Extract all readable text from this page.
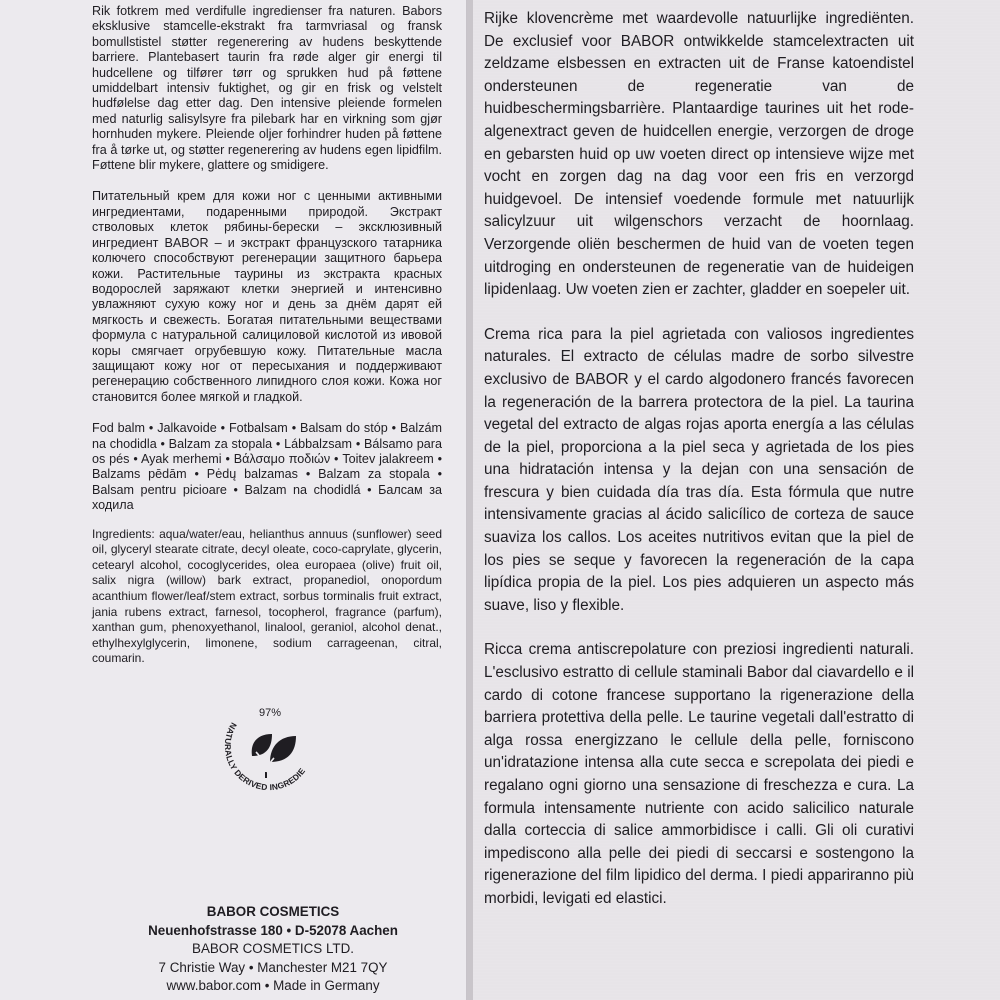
Rik fotkrem med verdifulle ingredienser fra naturen. Babors eksklusive stamcelle-ekstrakt fra tarmvriasal og fransk bomullstistel støtter regenerering av hudens beskyttende barriere. Plantebasert taurin fra røde alger gir energi til hudcellene og tilfører tørr og sprukken hud på føttene umiddelbart intensiv fuktighet, og gir en frisk og velstelt hudfølelse dag etter dag. Den intensive pleiende formelen med naturlig salisylsyre fra pilebark har en virkning som gjør hornhuden mykere. Pleiende oljer forhindrer huden på føttene fra å tørke ut, og støtter regenerering av hudens egen lipidfilm. Føttene blir mykere, glattere og smidigere.

Питательный крем для кожи ног с ценными активными ингредиентами, подаренными природой. Экстракт стволовых клеток рябины-берески – эксклюзивный ингредиент BABOR – и экстракт французского татарника колючего способствуют регенерации защитного барьера кожи. Растительные таурины из экстракта красных водорослей заряжают клетки энергией и интенсивно увлажняют сухую кожу ног и день за днём дарят ей мягкость и свежесть. Богатая питательными веществами формула с натуральной салициловой кислотой из ивовой коры смягчает огрубевшую кожу. Питательные масла защищают кожу ног от пересыхания и поддерживают регенерацию собственного липидного слоя кожи. Кожа ног становится более мягкой и гладкой.

Fod balm • Jalkavoide • Fotbalsam • Balsam do stóp • Balzám na chodidla • Balzam za stopala • Lábbalzsam • Bálsamo para os pés • Ayak merhemi • Βάλσαμο ποδιών • Toitev jalakreem • Balzams pēdām • Pėdų balzamas • Balzam za stopala • Balsam pentru picioare • Balzam na chodidlá • Балсам за ходила

Ingredients: aqua/water/eau, helianthus annuus (sunflower) seed oil, glyceryl stearate citrate, decyl oleate, coco-caprylate, glycerin, cetearyl alcohol, cocoglycerides, olea europaea (olive) fruit oil, salix nigra (willow) bark extract, propanediol, onopordum acanthium flower/leaf/stem extract, sorbus torminalis fruit extract, jania rubens extract, farnesol, tocopherol, fragrance (parfum), xanthan gum, phenoxyethanol, linalool, geraniol, alcohol denat., ethylhexylglycerin, limonene, sodium carrageenan, citral, coumarin.

97%
NATURALLY DERIVED INGREDIE
BABOR COSMETICS
Neuenhofstrasse 180 • D-52078 Aachen
BABOR COSMETICS LTD.
7 Christie Way • Manchester M21 7QY
www.babor.com • Made in Germany

Rijke klovencrème met waardevolle natuurlijke ingrediënten. De exclusief voor BABOR ontwikkelde stamcelextracten uit zeldzame elsbessen en extracten uit de Franse katoendistel ondersteunen de regeneratie van de huidbeschermingsbarrière. Plantaardige taurines uit het rode-algenextract geven de huidcellen energie, verzorgen de droge en gebarsten huid op uw voeten direct op intensieve wijze met vocht en zorgen dag na dag voor een fris en verzorgd huidgevoel. De intensief voedende formule met natuurlijk salicylzuur uit wilgenschors verzacht de hoornlaag. Verzorgende oliën beschermen de huid van de voeten tegen uitdroging en ondersteunen de regeneratie van de huideigen lipidenlaag. Uw voeten zien er zachter, gladder en soepeler uit.

Crema rica para la piel agrietada con valiosos ingredientes naturales. El extracto de células madre de sorbo silvestre exclusivo de BABOR y el cardo algodonero francés favorecen la regeneración de la barrera protectora de la piel. La taurina vegetal del extracto de algas rojas aporta energía a las células de la piel, proporciona a la piel seca y agrietada de los pies una hidratación intensa y la dejan con una sensación de frescura y bien cuidada día tras día. Esta fórmula que nutre intensivamente gracias al ácido salicílico de corteza de sauce suaviza los callos. Los aceites nutritivos evitan que la piel de los pies se seque y favorecen la regeneración de la capa lipídica propia de la piel. Los pies adquieren un aspecto más suave, liso y flexible.

Ricca crema antiscrepolature con preziosi ingredienti naturali. L'esclusivo estratto di cellule staminali Babor dal ciavardello e il cardo di cotone francese supportano la rigenerazione della barriera protettiva della pelle. Le taurine vegetali dall'estratto di alga rossa energizzano le cellule della pelle, forniscono un'idratazione intensa alla cute secca e screpolata dei piedi e regalano ogni giorno una sensazione di freschezza e cura. La formula intensamente nutriente con acido salicilico naturale dalla corteccia di salice ammorbidisce i calli. Gli oli curativi impediscono alla pelle dei piedi di seccarsi e sostengono la rigenerazione del film lipidico del derma. I piedi appariranno più morbidi, levigati ed elastici.
